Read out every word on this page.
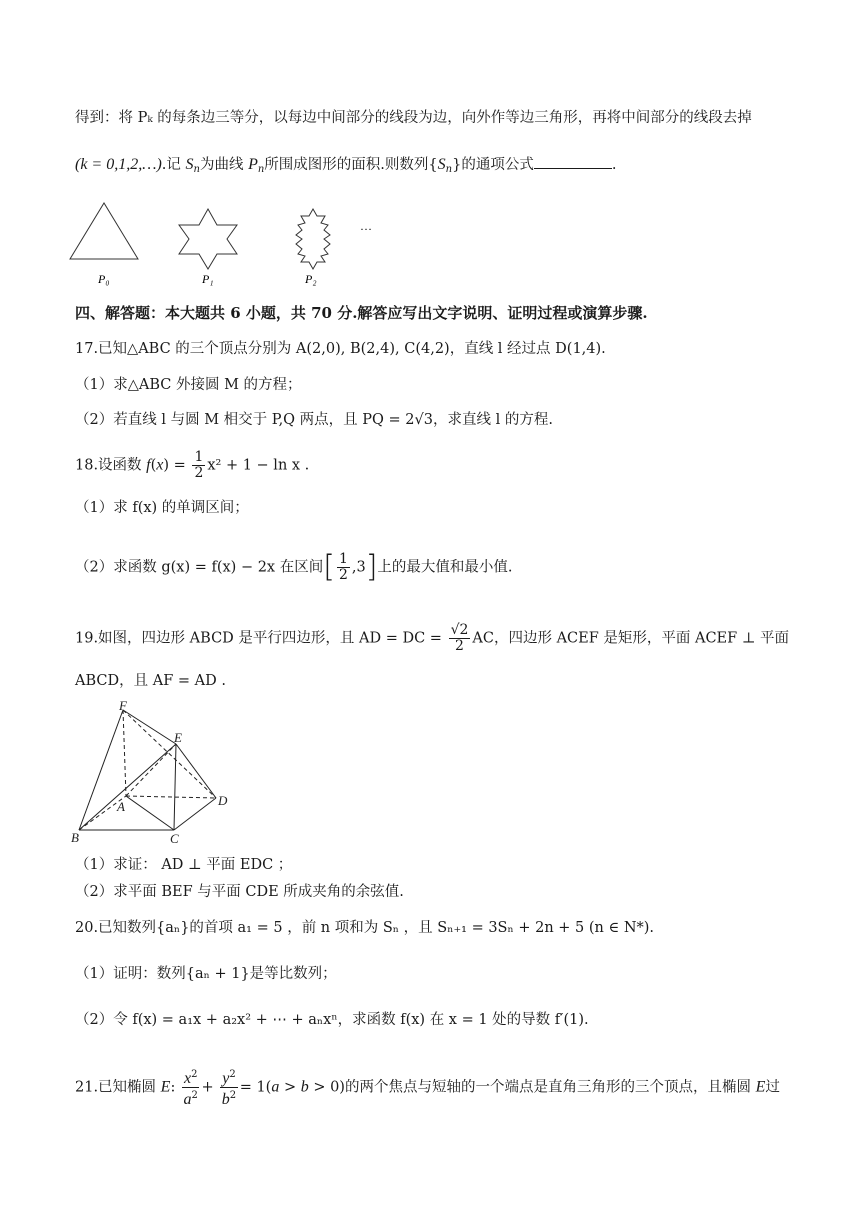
得到：将 Pₖ 的每条边三等分，以每边中间部分的线段为边，向外作等边三角形，再将中间部分的线段去掉
(k = 0,1,2,…).记 $S_n$为曲线 $P_n$所围成图形的面积.则数列$\{S_n\}$的通项公式	.
P₀	P₁	P₂
…
四、解答题：本大题共 6 小题，共 70 分.解答应写出文字说明、证明过程或演算步骤.
17.已知△ABC 的三个顶点分别为 A(2,0), B(2,4), C(4,2)，直线 l 经过点 D(1,4).
（1）求△ABC 外接圆 M 的方程；
（2）若直线 l 与圆 M 相交于 P,Q 两点，且 PQ = 2√3，求直线 l 的方程.
18.设函数 $f(x) = \frac{1}{2} x^2 + 1 - \ln x$ .
（1）求 f(x) 的单调区间；
（2）求函数 g(x) = f(x) − 2x 在区间[ $\frac{1}{2} ,3$]上的最大值和最小值.
19.如图，四边形 ABCD 是平行四边形，且 AD = DC = $\frac{√2}{2}$ AC，四边形 ACEF 是矩形，平面 ACEF ⊥ 平面
ABCD，且 AF = AD .
F
E
A	D
B	C
（1）求证： AD ⊥ 平面 EDC ；
（2）求平面 BEF 与平面 CDE 所成夹角的余弦值.
20.已知数列{aₙ}的首项 a₁ = 5 ，前 n 项和为 Sₙ ，且 Sₙ₊₁ = 3Sₙ + 2n + 5 (n ∈ N*).
（1）证明：数列{aₙ + 1}是等比数列；
（2）令 f(x) = a₁x + a₂x² + ⋯ + aₙxⁿ，求函数 f(x) 在 x = 1 处的导数 f′(1).
21.已知椭圆 E: $\frac{x^2}{a^2} + \frac{y^2}{b^2} = 1(a > b > 0)$的两个焦点与短轴的一个端点是直角三角形的三个顶点，且椭圆 E过
